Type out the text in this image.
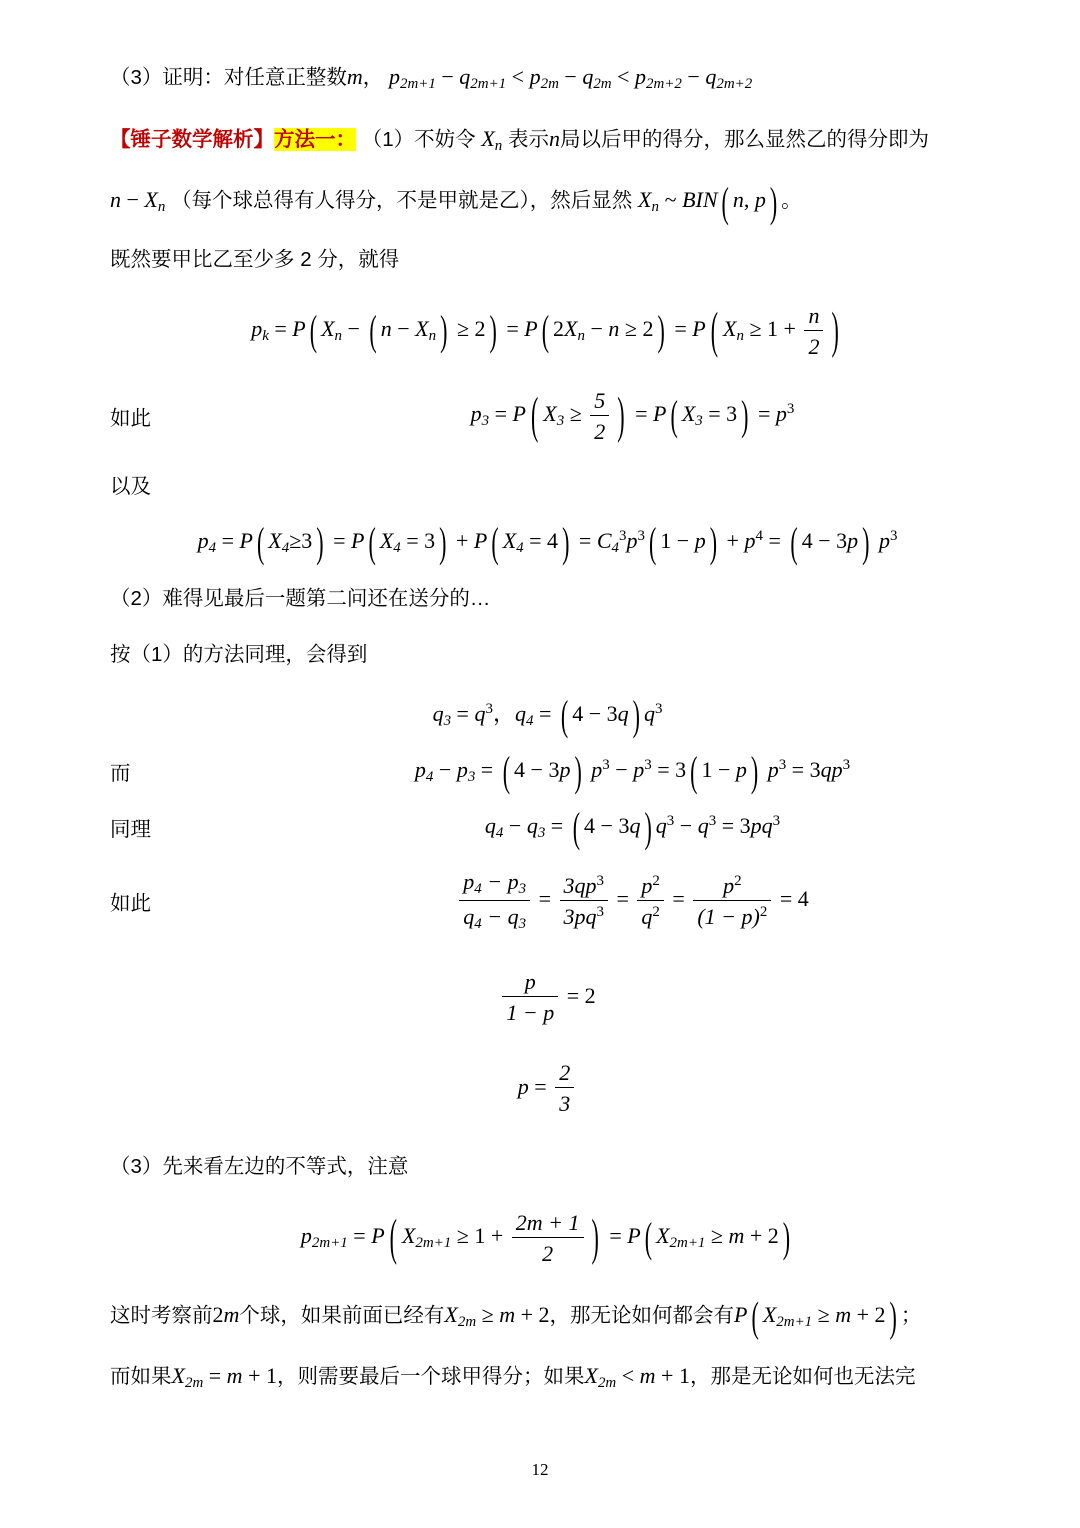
（3）证明：对任意正整数m， $p_{2m+1} - q_{2m+1} < p_{2m} - q_{2m} < p_{2m+2} - q_{2m+2}$
【锤子数学解析】方法一： （1）不妨令 $X_n$ 表示n局以后甲的得分，那么显然乙的得分即为
$n - X_n$ （每个球总得有人得分，不是甲就是乙），然后显然 $X_n$ ~ BIN ( n, p ) 。
既然要甲比乙至少多 2 分，就得
$p_k = P$ ( $X_n$ − ( $n - X_n$ ) ≥ 2 ) = P ( $2X_n - n \ge 2$ ) = P ( $X_n \ge 1 + \frac{n}{2}$ )
如此	$p_3 = P$ ( $X_3 \ge \frac{5}{2}$ ) = P ( $X_3 = 3$ ) = $p^3$
以及
$p_4 = P$ ( $X_4\ge 3$ ) = P ( $X_4 = 3$ ) + P ( $X_4 = 4$ ) = $C_4^3p^3$ ( 1 − p ) + $p^4$ = ( 4 − 3p ) $p^3$
（2）难得见最后一题第二问还在送分的…
按（1）的方法同理，会得到
$q_3 = q^3$，$q_4$ = ( 4 − 3q ) $q^3$
而	$p_4 - p_3$ = ( 4 − 3p ) $p^3 - p^3 = 3$ ( 1 − p ) $p^3 = 3qp^3$
同理	$q_4 - q_3$ = ( 4 − 3q ) $q^3 - q^3 = 3pq^3$
如此	$\frac{p_4 - p_3}{q_4 - q_3} = \frac{3qp^3}{3pq^3} = \frac{p^2}{q^2} = \frac{p^2}{(1 - p)^2} = 4$
$\frac{p}{1 - p} = 2$
$p = \frac{2}{3}$
（3）先来看左边的不等式，注意
$p_{2m+1} = P$ ( $X_{2m+1} \ge 1 + \frac{2m + 1}{2}$ ) = P ( $X_{2m+1} \ge m + 2$ )
这时考察前2m个球，如果前面已经有$X_{2m} \ge m + 2$，那无论如何都会有P ( $X_{2m+1} \ge m + 2$ ) ；
而如果$X_{2m} = m + 1$，则需要最后一个球甲得分；如果$X_{2m} < m + 1$，那是无论如何也无法完
12
